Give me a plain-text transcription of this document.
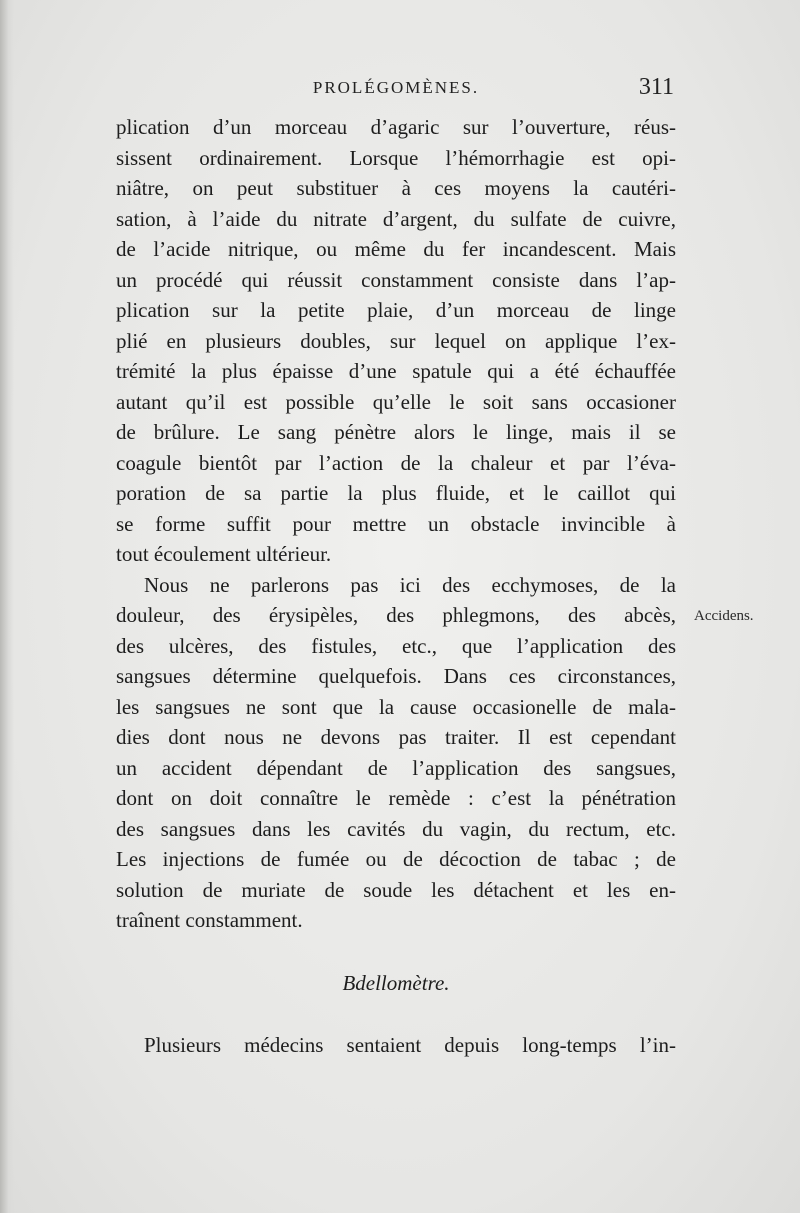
PROLÉGOMÈNES.	311
Accidens.
plication d’un morceau d’agaric sur l’ouverture, réus-
sissent ordinairement. Lorsque l’hémorrhagie est opi-
niâtre, on peut substituer à ces moyens la cautéri-
sation, à l’aide du nitrate d’argent, du sulfate de cuivre,
de l’acide nitrique, ou même du fer incandescent. Mais
un procédé qui réussit constamment consiste dans l’ap-
plication sur la petite plaie, d’un morceau de linge
plié en plusieurs doubles, sur lequel on applique l’ex-
trémité la plus épaisse d’une spatule qui a été échauffée
autant qu’il est possible qu’elle le soit sans occasioner
de brûlure. Le sang pénètre alors le linge, mais il se
coagule bientôt par l’action de la chaleur et par l’éva-
poration de sa partie la plus fluide, et le caillot qui
se forme suffit pour mettre un obstacle invincible à
tout écoulement ultérieur.
Nous ne parlerons pas ici des ecchymoses, de la
douleur, des érysipèles, des phlegmons, des abcès,
des ulcères, des fistules, etc., que l’application des
sangsues détermine quelquefois. Dans ces circonstances,
les sangsues ne sont que la cause occasionelle de mala-
dies dont nous ne devons pas traiter. Il est cependant
un accident dépendant de l’application des sangsues,
dont on doit connaître le remède : c’est la pénétration
des sangsues dans les cavités du vagin, du rectum, etc.
Les injections de fumée ou de décoction de tabac ; de
solution de muriate de soude les détachent et les en-
traînent constamment.
Bdellomètre.
Plusieurs médecins sentaient depuis long-temps l’in-
